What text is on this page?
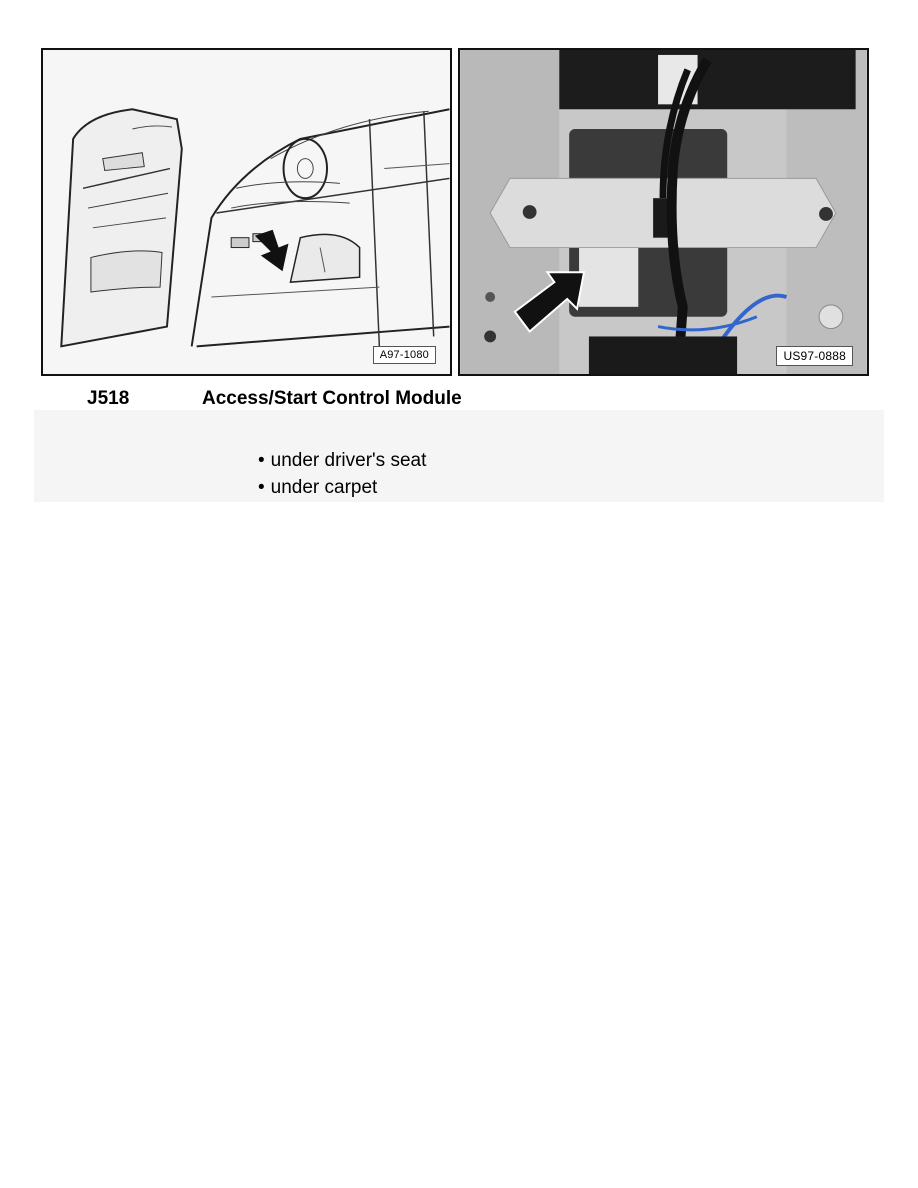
A97-1080	US97-0888
J518	Access/Start Control Module
• under driver's seat
• under carpet
